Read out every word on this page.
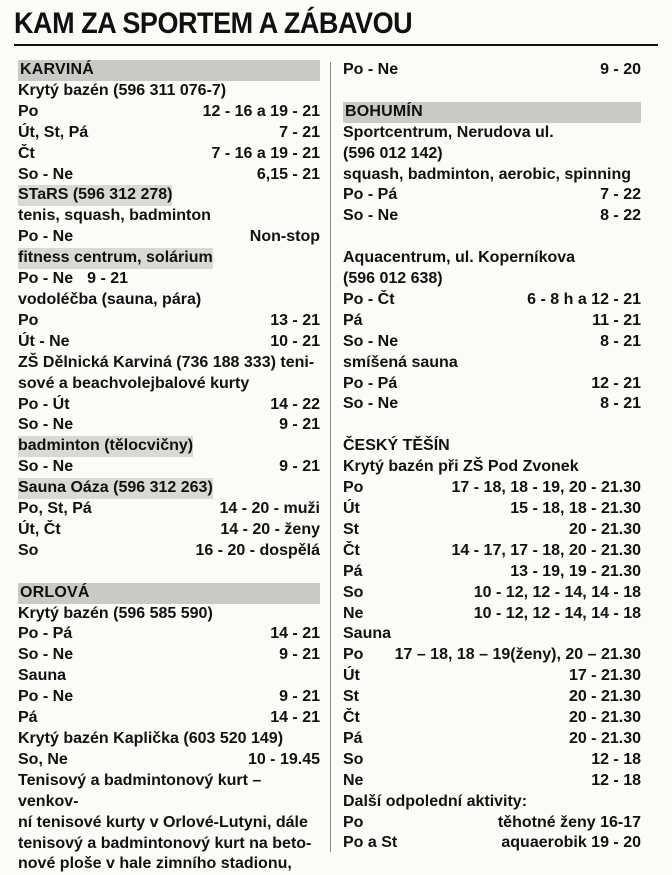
KAM ZA SPORTEM A ZÁBAVOU
KARVINÁ
Krytý bazén (596 311 076-7)
Po	12 - 16 a 19 - 21
Út, St, Pá	7 - 21
Čt	7 - 16 a 19 - 21
So - Ne	6,15 - 21
STaRS (596 312 278)
tenis, squash, badminton
Po - Ne	Non-stop
fitness centrum, solárium
Po - Ne 9 - 21
vodoléčba (sauna, pára)
Po	13 - 21
Út - Ne	10 - 21
ZŠ Dělnická Karviná (736 188 333) teni-
sové a beachvolejbalové kurty
Po - Út	14 - 22
So - Ne	9 - 21
badminton (tělocvičny)
So - Ne	9 - 21
Sauna Oáza (596 312 263)
Po, St, Pá	14 - 20 - muži
Út, Čt	14 - 20 - ženy
So	16 - 20 - dospělá
ORLOVÁ
Krytý bazén (596 585 590)
Po - Pá	14 - 21
So - Ne	9 - 21
Sauna
Po - Ne	9 - 21
Pá	14 - 21
Krytý bazén Kaplička (603 520 149)
So, Ne	10 - 19.45
Tenisový a badmintonový kurt – venkov-
ní tenisové kurty v Orlové-Lutyni, dále
tenisový a badmintonový kurt na beto-
nové ploše v hale zimního stadionu,
Po - Ne	9 - 20
BOHUMÍN
Sportcentrum, Nerudova ul.
(596 012 142)
squash, badminton, aerobic, spinning
Po - Pá	7 - 22
So - Ne	8 - 22
Aquacentrum, ul. Koperníkova
(596 012 638)
Po - Čt	6 - 8 h a 12 - 21
Pá	11 - 21
So - Ne	8 - 21
smíšená sauna
Po - Pá	12 - 21
So - Ne	8 - 21
ČESKÝ TĚŠÍN
Krytý bazén při ZŠ Pod Zvonek
Po	17 - 18, 18 - 19, 20 - 21.30
Út	15 - 18, 18 - 21.30
St	20 - 21.30
Čt	14 - 17, 17 - 18, 20 - 21.30
Pá	13 - 19, 19 - 21.30
So	10 - 12, 12 - 14, 14 - 18
Ne	10 - 12, 12 - 14, 14 - 18
Sauna
Po 17 – 18, 18 – 19(ženy), 20 – 21.30
Út	17 - 21.30
St	20 - 21.30
Čt	20 - 21.30
Pá	20 - 21.30
So	12 - 18
Ne	12 - 18
Další odpolední aktivity:
Po	těhotné ženy 16-17
Po a St	aquaerobik 19 - 20
